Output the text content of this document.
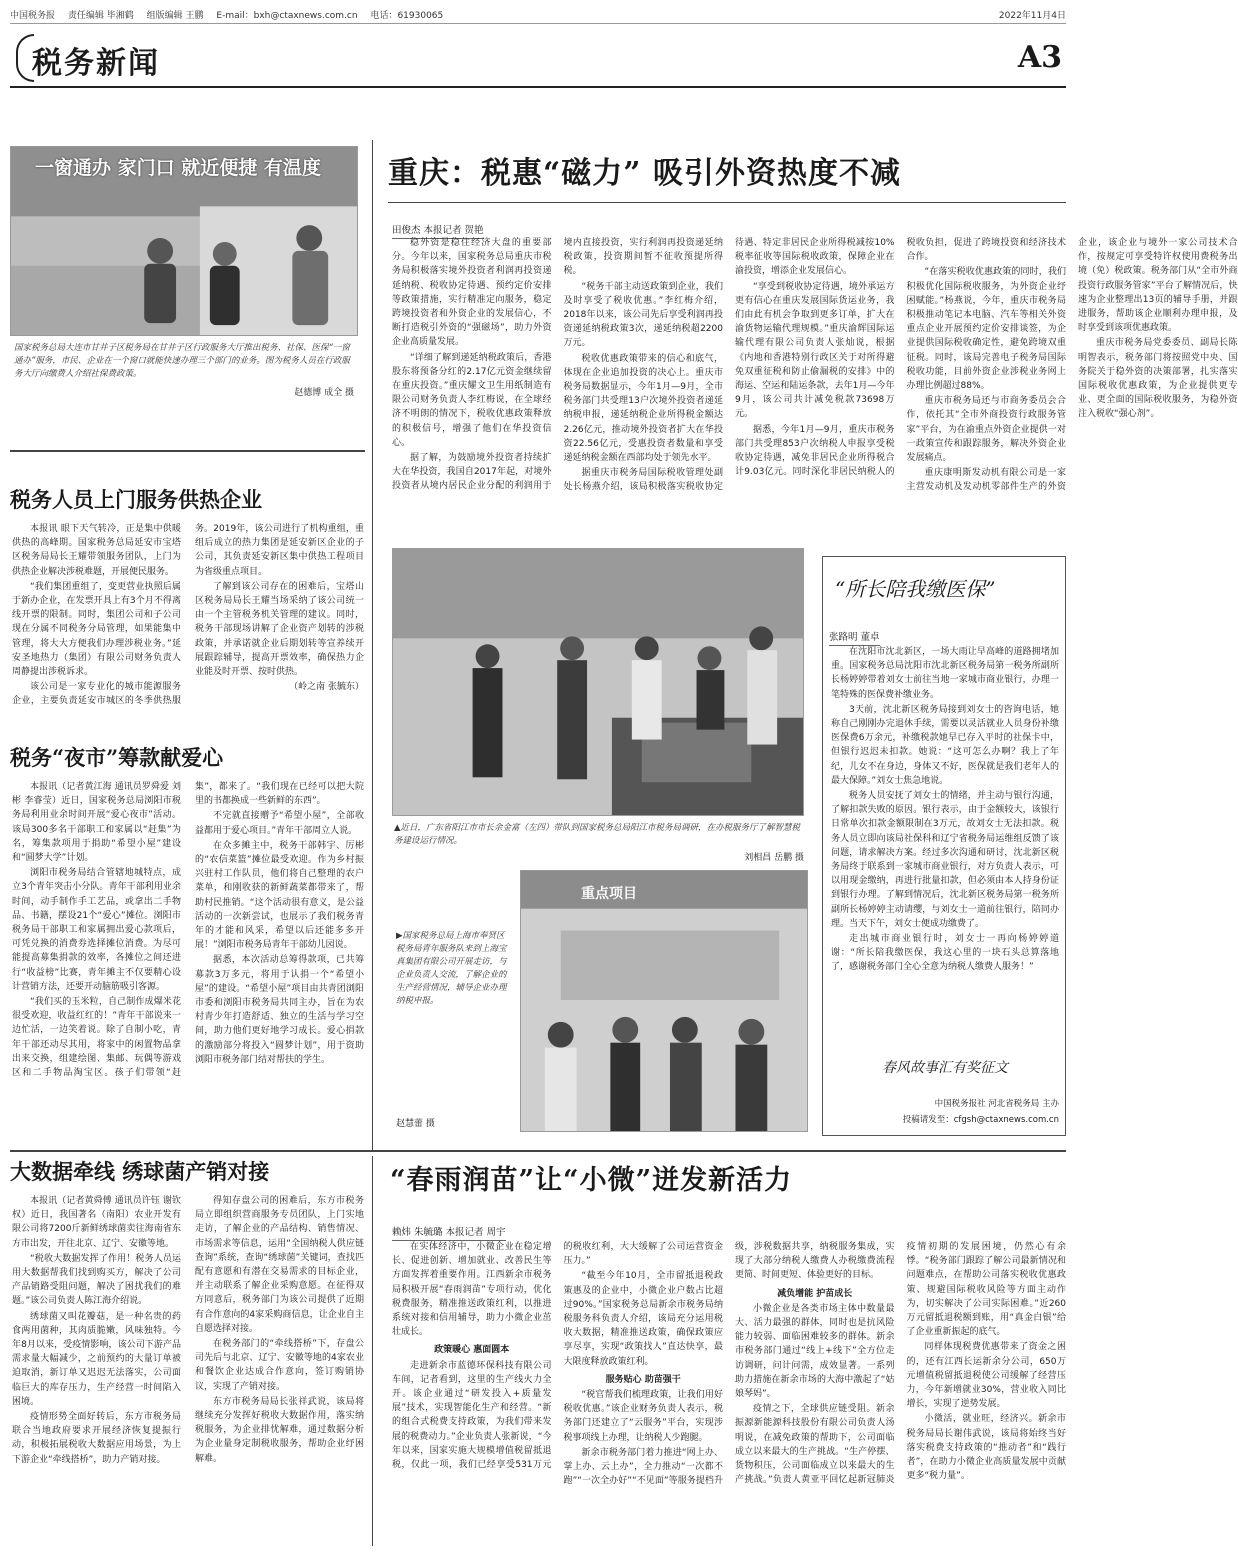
中国税务报 责任编辑 毕湘鹤 组版编辑 王鹏 E-mail：bxh@ctaxnews.com.cn 电话：61930065	2022年11月4日
税务新闻	A3
一窗通办 家门口 就近便捷 有温度
国家税务总局大连市甘井子区税务局在甘井子区行政服务大厅推出税务、社保、医保“一窗通办”服务，市民、企业在一个窗口就能快速办理三个部门的业务。图为税务人员在行政服务大厅向缴费人介绍社保费政策。
赵德博 成全 摄
重庆：税惠“磁力” 吸引外资热度不减
田俊杰 本报记者 贺艳

稳外资是稳住经济大盘的重要部分。今年以来，国家税务总局重庆市税务局积极落实境外投资者利润再投资递延纳税、税收协定待遇、预约定价安排等政策措施，实行精准定向服务，稳定跨境投资者和外资企业的发展信心，不断打造税引外资的“强磁场”，助力外资企业高质量发展。

“详细了解到递延纳税政策后，香港股东将预备分红的2.17亿元资金继续留在重庆投资。”重庆耀文卫生用纸制造有限公司财务负责人李红梅说，在全球经济不明朗的情况下，税收优惠政策释放的积极信号，增强了他们在华投资信心。

据了解，为鼓励境外投资者持续扩大在华投资，我国自2017年起，对境外投资者从境内居民企业分配的利润用于境内直接投资，实行利润再投资递延纳税政策，投资期间暂不征收预提所得税。

“税务干部主动送政策到企业，我们及时享受了税收优惠。”李红梅介绍，2018年以来，该公司先后享受利润再投资递延纳税政策3次，递延纳税超2200万元。

税收优惠政策带来的信心和底气，体现在企业追加投资的决心上。重庆市税务局数据显示，今年1月—9月，全市税务部门共受理13户次境外投资者递延纳税申报，递延纳税企业所得税金额达2.26亿元，推动境外投资者扩大在华投资22.56亿元，受惠投资者数量和享受递延纳税金额在西部均处于领先水平。

据重庆市税务局国际税收管理处副处长杨燕介绍，该局积极落实税收协定待遇、特定非居民企业所得税减按10%税率征收等国际税收政策，保障企业在渝投资，增添企业发展信心。

“享受到税收协定待遇，境外承运方更有信心在重庆发展国际货运业务，我们由此有机会争取到更多订单，扩大在渝货物运输代理规模。”重庆渝辉国际运输代理有限公司负责人张灿说，根据《内地和香港特别行政区关于对所得避免双重征税和防止偷漏税的安排》中的海运、空运和陆运条款，去年1月—今年9月，该公司共计减免税款73698万元。

据悉，今年1月—9月，重庆市税务部门共受理853户次纳税人申报享受税收协定待遇，减免非居民企业所得税合计9.03亿元。同时深化非居民纳税人的税收负担，促进了跨境投资和经济技术合作。

“在落实税收优惠政策的同时，我们积极优化国际税收服务，为外资企业纾困赋能。”杨燕说，今年，重庆市税务局积极推动笔记本电脑、汽车等相关外资重点企业开展预约定价安排谈签，为企业提供国际税收确定性，避免跨境双重征税。同时，该局完善电子税务局国际税收功能，目前外资企业涉税业务网上办理比例超过88%。

重庆市税务局还与市商务委员会合作，依托其“全市外商投资行政服务管家”平台，为在渝重点外资企业提供一对一政策宣传和跟踪服务，解决外资企业发展痛点。

重庆康明斯发动机有限公司是一家主营发动机及发动机零部件生产的外资企业，该企业与境外一家公司技术合作，按规定可享受特许权使用费税务出境（免）税政策。税务部门从“全市外商投资行政服务管家”平台了解情况后，快速为企业整理出13页的辅导手册，并跟进服务，帮助该企业顺利办理申报，及时享受到该项优惠政策。

重庆市税务局党委委员、副局长陈明智表示，税务部门将按照党中央、国务院关于稳外资的决策部署，扎实落实国际税收优惠政策，为企业提供更专业、更全面的国际税收服务，为稳外资注入税收“强心剂”。

税务人员上门服务供热企业

本报讯 眼下天气转冷，正是集中供暖供热的高峰期。国家税务总局延安市宝塔区税务局局长王耀带领服务团队，上门为供热企业解决涉税难题，开展便民服务。

“我们集团重组了，变更营业执照后属于新办企业，在发票开具上有3个月不得离线开票的限制。同时，集团公司和子公司现在分属不同税务分局管理，如果能集中管理，将大大方便我们办理涉税业务。”延安圣地热力（集团）有限公司财务负责人周静提出涉税诉求。

该公司是一家专业化的城市能源服务企业，主要负责延安市城区的冬季供热服务。2019年，该公司进行了机构重组，重组后成立的热力集团是延安新区企业的子公司，其负责延安新区集中供热工程项目为省级重点项目。

了解到该公司存在的困难后，宝塔山区税务局局长王耀当场采纳了该公司统一由一个主管税务机关管理的建议。同时，税务干部现场讲解了企业资产划转的涉税政策，并承诺就企业后期划转等宣养续开展跟踪辅导，提高开票效率，确保热力企业能及时开票、按时供热。

（岭之南 张毓东）
税务“夜市”筹款献爱心

本报讯（记者黄江海 通讯员罗舜爱 刘彬 李睿莹）近日，国家税务总局浏阳市税务局利用业余时间开展“爱心夜市”活动。该局300多名干部职工和家属以“赶集”为名，筹集款项用于捐助“希望小屋”建设和“圆梦大学”计划。

浏阳市税务局结合管辖地城特点，成立3个青年突击小分队。青年干部利用业余时间，动手制作手工艺品，或拿出二手物品、书籍，摆设21个“爱心”摊位。浏阳市税务局干部职工和家属拥出爱心款项后，可凭兑换的消费券选择摊位消费。为尽可能提高募集捐款的效率，各摊位之间还进行“收益榜”比赛，青年摊主不仅要精心设计营销方法，还要开动脑筋吸引客源。

“我们买的玉米粒，自己制作成爆米花很受欢迎，收益红红的！”青年干部说来一边忙活，一边笑着说。除了自制小吃，青年干部还动尽其用，将家中的闲置物品拿出来交换，组建绘图、集邮、玩偶等游戏区和二手物品淘宝区。孩子们带领“赶集”，都来了。“我们现在已经可以把大院里的书都换成一些新鲜的东西”。

不完就直接赠予“希望小屋”，全部收益都用于爱心项目。”青年干部周立人说。

在众多摊主中，税务干部韩宇、厉彬的“农信菜篮”摊位最受欢迎。作为乡村振兴驻村工作队员，他们将自己整理的农户菜单，和刚收获的新鲜蔬菜都带来了，帮助村民推销。“这个活动很有意义，是公益活动的一次新尝试，也展示了我们税务青年的才能和风采，希望以后还能多多开展！”浏阳市税务局青年干部幼儿园说。

据悉，本次活动总筹得款项，已共筹募款3万多元，将用于认捐一个“希望小屋”的建设。“希望小屋”项目由共青团浏阳市委和浏阳市税务局共同主办，旨在为农村青少年打造舒适、独立的生活与学习空间，助力他们更好地学习成长。爱心捐款的激励部分将投入“圆梦计划”，用于资助浏阳市税务部门结对帮扶的学生。

▲近日，广东省阳江市市长余金富（左四）带队到国家税务总局阳江市税务局调研，在办税服务厅了解智慧税务建设运行情况。
刘相昌 岳鹏 摄
重点项目
▶国家税务总局上海市奉贤区税务局青年服务队来到上海宝真集团有限公司开展走访，与企业负责人交流，了解企业的生产经营情况，辅导企业办理纳税申报。
赵慧蕾 摄
“所长陪我缴医保”
张路明 董卓

在沈阳市沈北新区，一场大雨让早高峰的道路拥堵加重。国家税务总局沈阳市沈北新区税务局第一税务所副所长杨婷婷带着刘女士前往当地一家城市商业银行，办理一笔特殊的医保费补缴业务。

3天前，沈北新区税务局接到刘女士的咨询电话，她称自己刚刚办完退休手续，需要以灵活就业人员身份补缴医保费6万余元，补缴税款她早已存入平时的社保卡中，但银行迟迟未扣款。她说：“这可怎么办啊？我上了年纪，儿女不在身边，身体又不好，医保就是我们老年人的最大保障。”刘女士焦急地说。

税务人员安抚了刘女士的情绪，并主动与银行沟通，了解扣款失败的原因。银行表示，由于金额较大，该银行日常单次扣款金额限制在3万元，故刘女士无法扣款。税务人员立即向该局社保科和辽宁省税务局运维组反馈了该问题，请求解决方案。经过多次沟通和研讨，沈北新区税务局终于联系到一家城市商业银行，对方负责人表示，可以用现金缴纳，再进行批量扣款，但必须由本人持身份证到银行办理。了解到情况后，沈北新区税务局第一税务所副所长杨婷婷主动请缨，与刘女士一道前往银行，陪同办理。当天下午，刘女士便成功缴费了。

走出城市商业银行时，刘女士一再向杨婷婷道谢：“所长陪我缴医保，我这心里的一块石头总算落地了，感谢税务部门全心全意为纳税人缴费人服务！”

春风故事汇有奖征文
中国税务报社 河北省税务局 主办
投稿请发至：cfgsh@ctaxnews.com.cn
大数据牵线 绣球菌产销对接

本报讯（记者黄舜傅 通讯员许钰 谢钦权）近日，我国著名（南阳）农业开发有限公司将7200斤新鲜绣球菌卖往海南省东方市出发，开往北京、辽宁、安徽等地。

“税收大数据发挥了作用！税务人员运用大数据帮我们找到购买方，解决了公司产品销路受阻问题，解决了困扰我们的难题。”该公司负责人陈江海介绍说。

绣球菌又叫花瓣菇，是一种名贵的药食两用菌种，其肉质脆嫩，风味独特。今年8月以来，受疫情影响，该公司下游产品需求量大幅减少，之前预约的大量订单被迫取消，新订单又迟迟无法落实，公司面临巨大的库存压力，生产经营一时间陷入困境。

疫情形势全面好转后，东方市税务局联合当地政府要求开展经济恢复提振行动，积极拓展税收大数据应用场景，为上下游企业“牵线搭桥”，助力产销对接。

得知存盘公司的困难后，东方市税务局立即组织营商服务专员团队，上门实地走访，了解企业的产品结构、销售情况、市场需求等信息，运用“全国纳税人供应链查询”系统，查询“绣球菌”关键词，查找匹配有意愿和有潜在交易需求的目标企业，并主动联系了解企业采购意愿。在征得双方同意后，税务部门为该公司提供了近期有合作意向的4家采购商信息，让企业自主自愿选择对接。

在税务部门的“牵线搭桥”下，存盘公司先后与北京、辽宁、安徽等地的4家农业和餐饮企业达成合作意向，签订购销协议，实现了产销对接。

东方市税务局局长张祥武说，该局将继续充分发挥好税收大数据作用，落实纳税服务，为企业排忧解难，通过数据分析为企业量身定制税收服务，帮助企业纾困解难。

“春雨润苗”让“小微”迸发新活力
赖炜 朱毓璐 本报记者 周宇

在实体经济中，小微企业在稳定增长、促进创新、增加就业、改善民生等方面发挥着重要作用。江西新余市税务局积极开展“春雨润苗”专项行动，优化税费服务，精准推送政策红利，以推进系统对接和信用辅导，助力小微企业茁壮成长。

政策暖心 惠面圆本

走进新余市蓝德环保科技有限公司车间，记者看到，这里的生产线火力全开。该企业通过“研发投入+质量发展”技术，实现智能化生产和经营。“新的组合式税费支持政策，为我们带来发展的税费动力。”企业负责人张新说，“今年以来，国家实施大规模增值税留抵退税，仅此一项，我们已经享受531万元的税收红利，大大缓解了公司运营资金压力。”

“截至今年10月，全市留抵退税政策惠及的企业中，小微企业户数占比超过90%。”国家税务总局新余市税务局纳税服务科负责人介绍，该局充分运用税收大数据，精准推送政策，确保政策应享尽享，实现“政策找人”直达快享，最大限度释放政策红利。

服务贴心 助苗强干

“税官帮我们梳理政策，让我们用好税收优惠。”该企业财务负责人表示，税务部门还建立了“云服务”平台，实现涉税事项线上办理，让纳税人少跑腿。

新余市税务部门着力推进“网上办、掌上办、云上办”，全力推动“一次都不跑”“一次全办好”“不见面”等服务提档升级，涉税数据共享，纳税服务集成，实现了大部分纳税人缴费人办税缴费流程更简、时间更短、体验更好的目标。

减负增能 护苗成长

小微企业是各类市场主体中数量最大、活力最强的群体，同时也是抗风险能力较弱、面临困难较多的群体。新余市税务部门通过“线上+线下”全方位走访调研，问计问需，成效显著。一系列助力措施在新余市场的大海中激起了“姑娘琴妈”。

疫情之下，全球供应链受阻。新余振源新能源科技股份有限公司负责人汤明说，在减免政策的帮助下，公司面临成立以来最大的生产挑战。“生产停摆、货物积压，公司面临成立以来最大的生产挑战。”负责人黄亚平回忆起新冠肺炎疫情初期的发展困境，仍然心有余悸。“税务部门跟踪了解公司最新情况和问题难点，在帮助公司落实税收优惠政策、规避国际税收风险等方面主动作为，切实解决了公司实际困难。”近260万元留抵退税额到账，用“真金白银”给了企业重新振起的底气。

同样体现税费优惠带来了资金之困的，还有江西长运新余分公司，650万元增值税留抵退税使公司缓解了经营压力，今年新增就业30%，营业收入同比增长，实现了逆势发展。

小微活，就业旺，经济兴。新余市税务局局长谢伟武说，该局将始终当好落实税费支持政策的“推动者”和“践行者”，在助力小微企业高质量发展中贡献更多“税力量”。
